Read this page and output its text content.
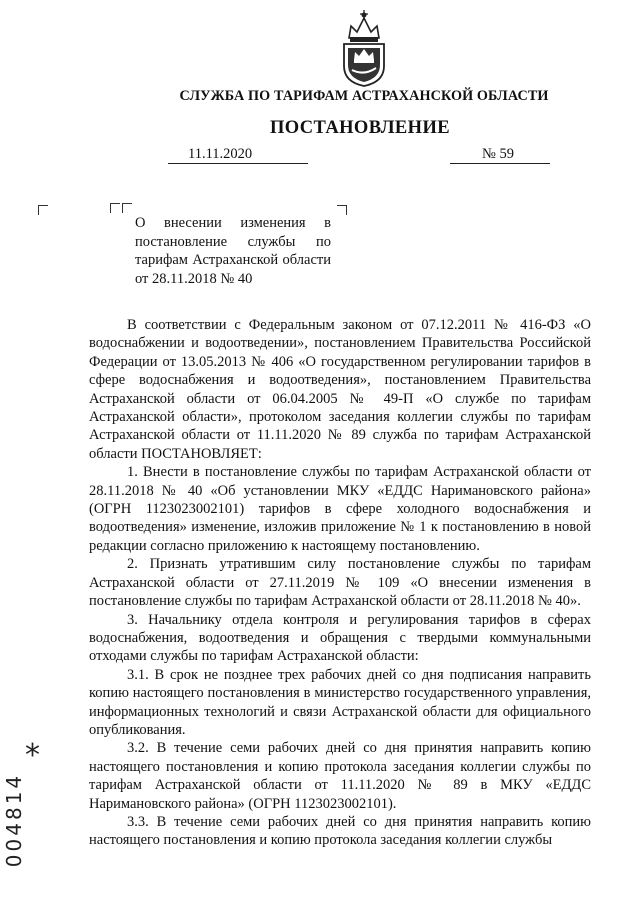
СЛУЖБА ПО ТАРИФАМ АСТРАХАНСКОЙ ОБЛАСТИ
ПОСТАНОВЛЕНИЕ
11.11.2020	№ 59
О внесении изменения в постановление службы по тарифам Астраханской области от 28.11.2018 № 40

В соответствии с Федеральным законом от 07.12.2011 № 416-ФЗ «О водоснабжении и водоотведении», постановлением Правительства Российской Федерации от 13.05.2013 № 406 «О государственном регулировании тарифов в сфере водоснабжения и водоотведения», постановлением Правительства Астраханской области от 06.04.2005 № 49-П «О службе по тарифам Астраханской области», протоколом заседания коллегии службы по тарифам Астраханской области от 11.11.2020 № 89 служба по тарифам Астраханской области ПОСТАНОВЛЯЕТ:

1. Внести в постановление службы по тарифам Астраханской области от 28.11.2018 № 40 «Об установлении МКУ «ЕДДС Наримановского района» (ОГРН 1123023002101) тарифов в сфере холодного водоснабжения и водоотведения» изменение, изложив приложение № 1 к постановлению в новой редакции согласно приложению к настоящему постановлению.

2. Признать утратившим силу постановление службы по тарифам Астраханской области от 27.11.2019 № 109 «О внесении изменения в постановление службы по тарифам Астраханской области от 28.11.2018 № 40».

3. Начальнику отдела контроля и регулирования тарифов в сферах водоснабжения, водоотведения и обращения с твердыми коммунальными отходами службы по тарифам Астраханской области:

3.1. В срок не позднее трех рабочих дней со дня подписания направить копию настоящего постановления в министерство государственного управления, информационных технологий и связи Астраханской области для официального опубликования.

3.2. В течение семи рабочих дней со дня принятия направить копию настоящего постановления и копию протокола заседания коллегии службы по тарифам Астраханской области от 11.11.2020 № 89 в МКУ «ЕДДС Наримановского района» (ОГРН 1123023002101).

3.3. В течение семи рабочих дней со дня принятия направить копию настоящего постановления и копию протокола заседания коллегии службы

*
004814
